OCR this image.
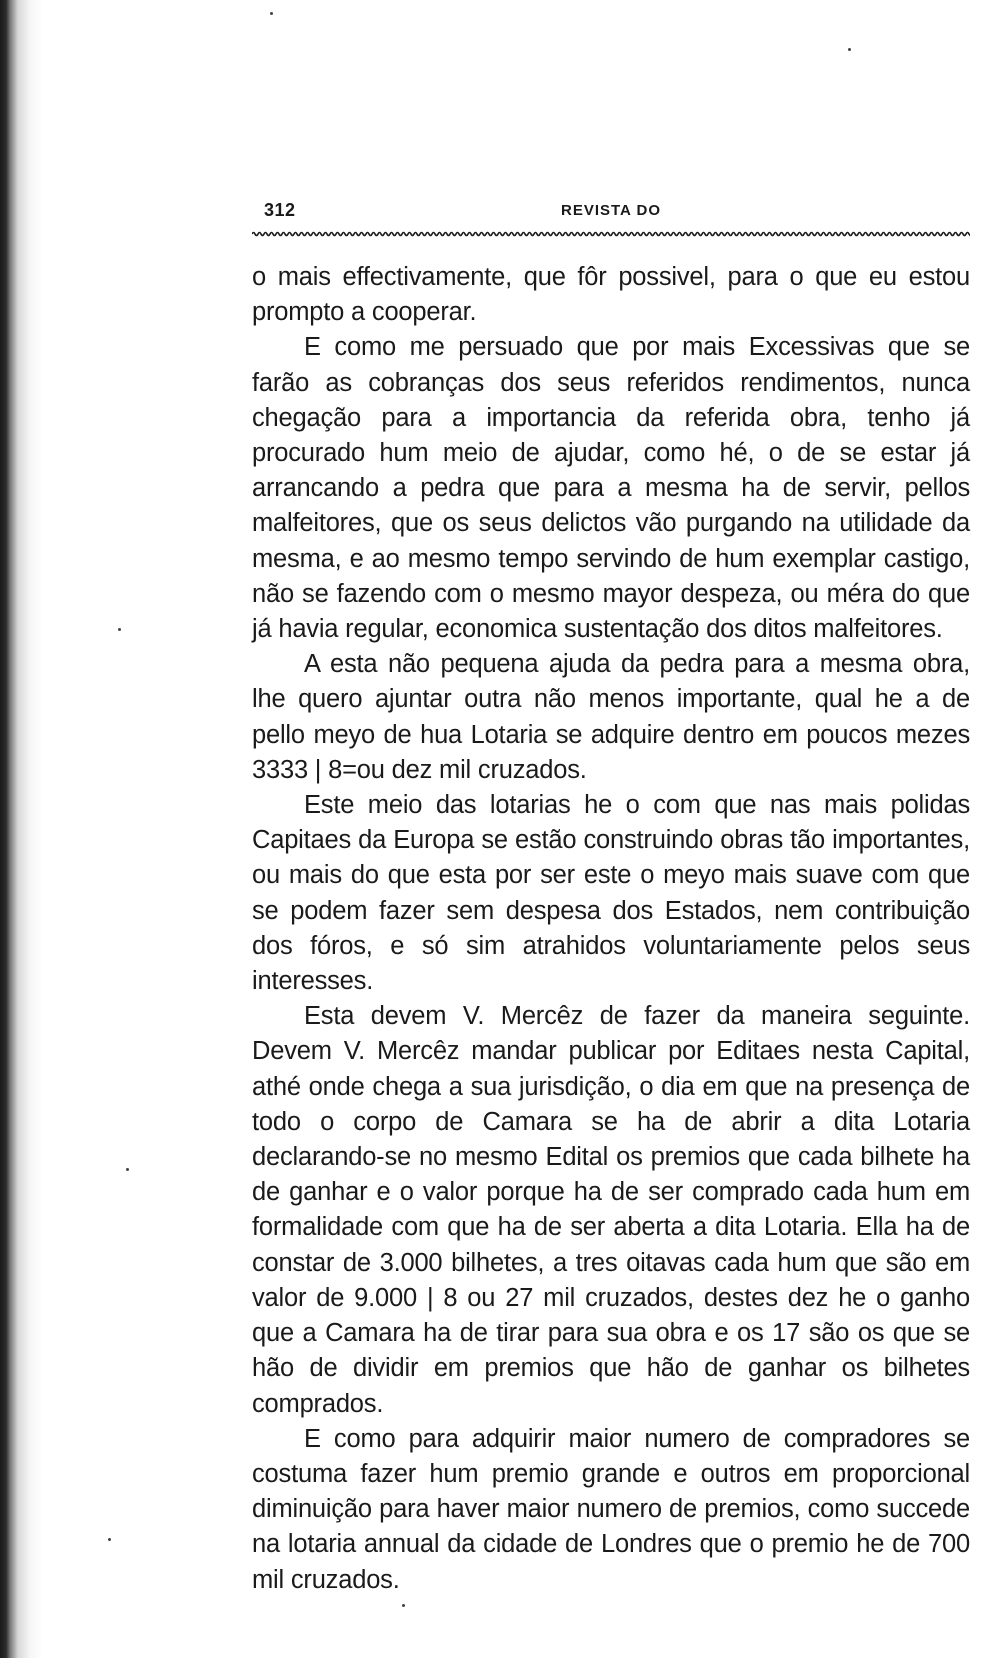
312	REVISTA DO

o mais effectivamente, que fôr possivel, para o que eu estou prompto a cooperar.

E como me persuado que por mais Excessivas que se farão as cobranças dos seus referidos rendimentos, nunca chegação para a importancia da referida obra, tenho já procurado hum meio de ajudar, como hé, o de se estar já arrancando a pedra que para a mesma ha de servir, pellos malfeitores, que os seus delictos vão purgando na utilidade da mesma, e ao mesmo tempo servindo de hum exemplar castigo, não se fazendo com o mesmo mayor despeza, ou méra do que já havia regular, economica sustentação dos ditos malfeitores.

A esta não pequena ajuda da pedra para a mesma obra, lhe quero ajuntar outra não menos importante, qual he a de pello meyo de hua Lotaria se adquire dentro em poucos mezes 3333 | 8=ou dez mil cruzados.

Este meio das lotarias he o com que nas mais polidas Capitaes da Europa se estão construindo obras tão importantes, ou mais do que esta por ser este o meyo mais suave com que se podem fazer sem despesa dos Estados, nem contribuição dos fóros, e só sim atrahidos voluntariamente pelos seus interesses.

Esta devem V. Mercêz de fazer da maneira seguinte. Devem V. Mercêz mandar publicar por Editaes nesta Capital, athé onde chega a sua jurisdição, o dia em que na presença de todo o corpo de Camara se ha de abrir a dita Lotaria declarando-se no mesmo Edital os premios que cada bilhete ha de ganhar e o valor porque ha de ser comprado cada hum em formalidade com que ha de ser aberta a dita Lotaria. Ella ha de constar de 3.000 bilhetes, a tres oitavas cada hum que são em valor de 9.000 | 8 ou 27 mil cruzados, destes dez he o ganho que a Camara ha de tirar para sua obra e os 17 são os que se hão de dividir em premios que hão de ganhar os bilhetes comprados.

E como para adquirir maior numero de compradores se costuma fazer hum premio grande e outros em proporcional diminuição para haver maior numero de premios, como succede na lotaria annual da cidade de Londres que o premio he de 700 mil cruzados.
